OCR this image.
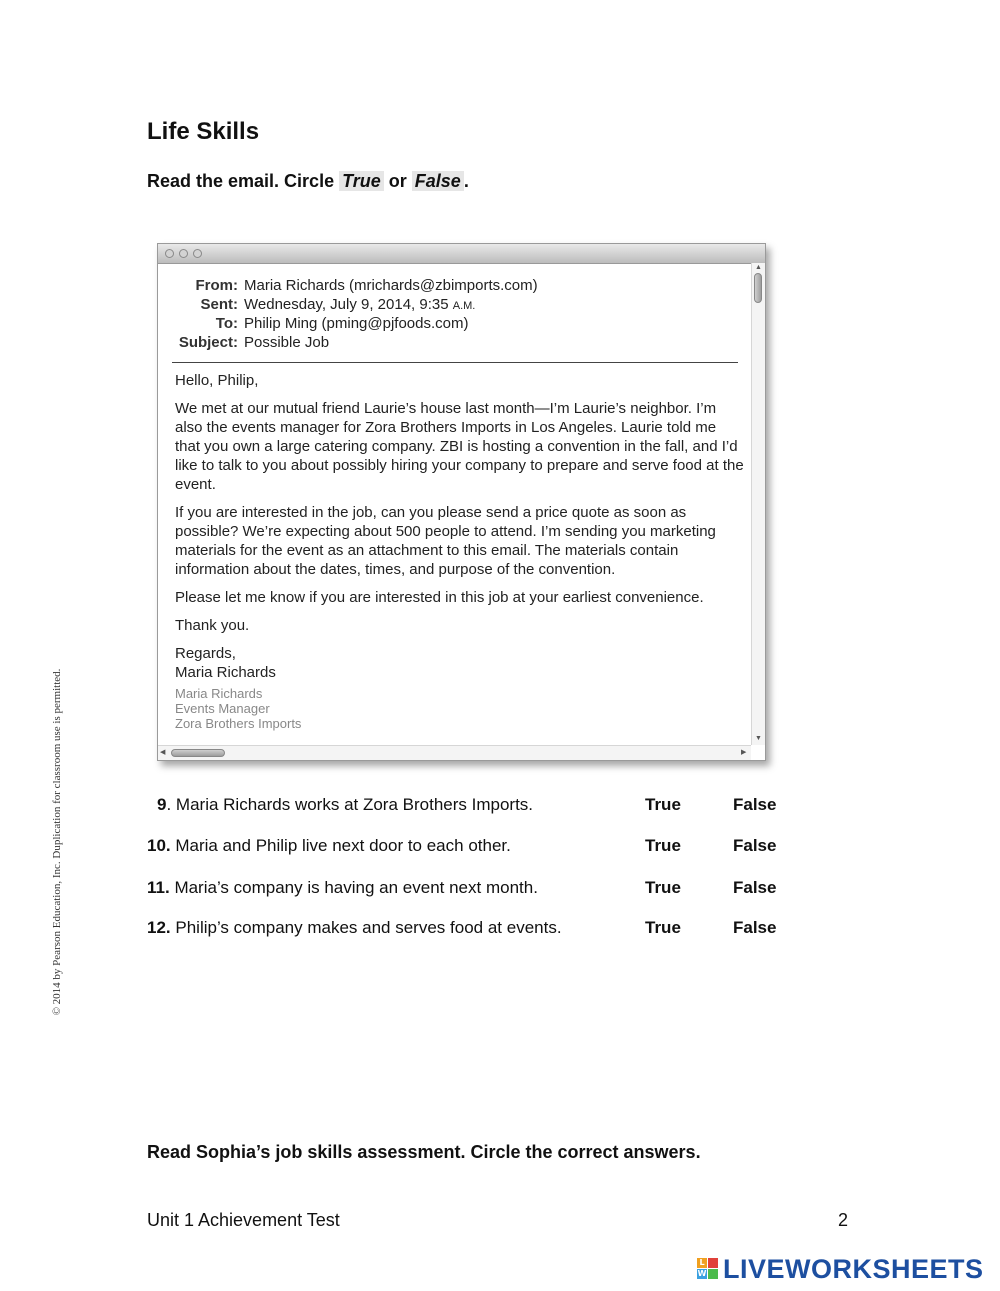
Life Skills
Read the email. Circle True or False .
From: Maria Richards (mrichards@zbimports.com)
Sent: Wednesday, July 9, 2014, 9:35 A.M.
To: Philip Ming (pming@pjfoods.com)
Subject: Possible Job

Hello, Philip,

We met at our mutual friend Laurie’s house last month—I’m Laurie’s neighbor. I’m also the events manager for Zora Brothers Imports in Los Angeles. Laurie told me that you own a large catering company. ZBI is hosting a convention in the fall, and I’d like to talk to you about possibly hiring your company to prepare and serve food at the event.

If you are interested in the job, can you please send a price quote as soon as possible? We’re expecting about 500 people to attend. I’m sending you marketing materials for the event as an attachment to this email. The materials contain information about the dates, times, and purpose of the convention.

Please let me know if you are interested in this job at your earliest convenience.

Thank you.

Regards,
Maria Richards

Maria Richards
Events Manager
Zora Brothers Imports
▲
▼
◀	▶
9. Maria Richards works at Zora Brothers Imports.	True	False
10. Maria and Philip live next door to each other.	True	False
11. Maria’s company is having an event next month.	True	False
12. Philip’s company makes and serves food at events.	True	False
© 2014 by Pearson Education, Inc. Duplication for classroom use is permitted.
Read Sophia’s job skills assessment. Circle the correct answers.
Unit 1 Achievement Test	2
L
W LIVEWORKSHEETS
